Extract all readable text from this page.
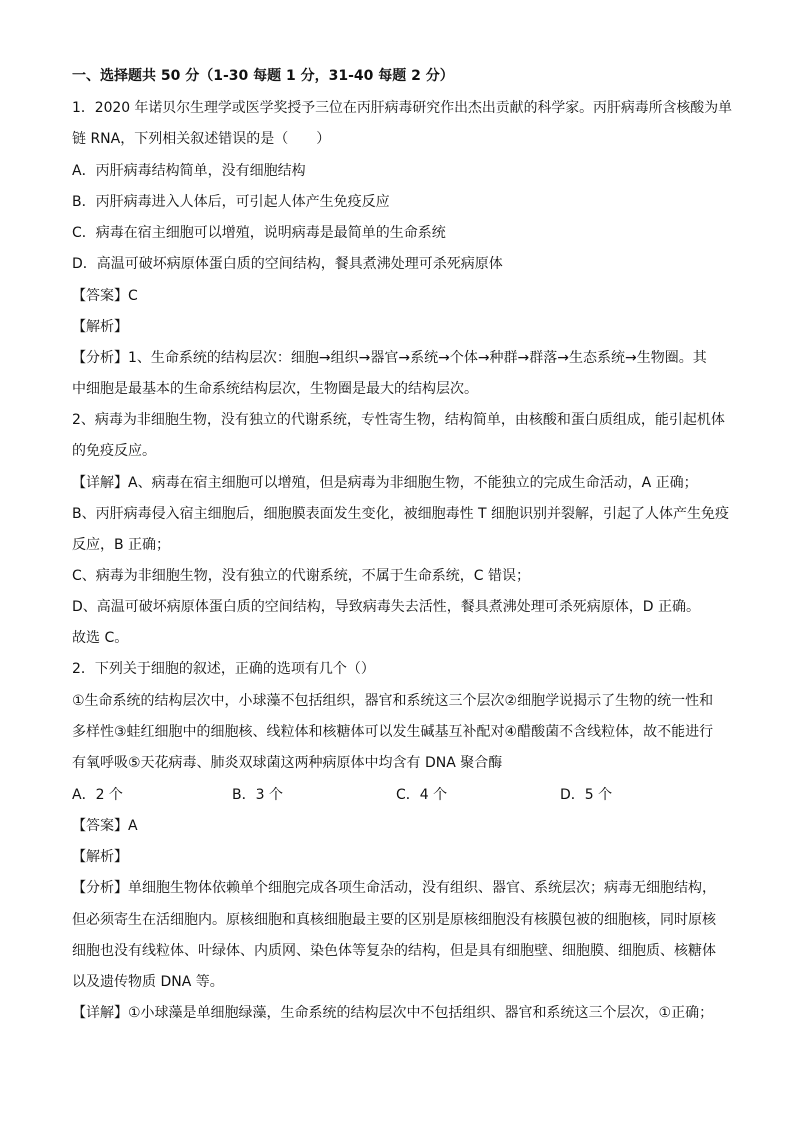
一、选择题共 50 分（1-30 每题 1 分，31-40 每题 2 分）
1．2020 年诺贝尔生理学或医学奖授予三位在丙肝病毒研究作出杰出贡献的科学家。丙肝病毒所含核酸为单
链 RNA，下列相关叙述错误的是（　　）
A．丙肝病毒结构简单，没有细胞结构
B．丙肝病毒进入人体后，可引起人体产生免疫反应
C．病毒在宿主细胞可以增殖，说明病毒是最简单的生命系统
D．高温可破坏病原体蛋白质的空间结构，餐具煮沸处理可杀死病原体
【答案】C
【解析】
【分析】1、生命系统的结构层次：细胞→组织→器官→系统→个体→种群→群落→生态系统→生物圈。其
中细胞是最基本的生命系统结构层次，生物圈是最大的结构层次。
2、病毒为非细胞生物，没有独立的代谢系统，专性寄生物，结构简单，由核酸和蛋白质组成，能引起机体
的免疫反应。
【详解】A、病毒在宿主细胞可以增殖，但是病毒为非细胞生物，不能独立的完成生命活动，A 正确；
B、丙肝病毒侵入宿主细胞后，细胞膜表面发生变化，被细胞毒性 T 细胞识别并裂解，引起了人体产生免疫
反应，B 正确；
C、病毒为非细胞生物，没有独立的代谢系统，不属于生命系统，C 错误；
D、高温可破坏病原体蛋白质的空间结构，导致病毒失去活性，餐具煮沸处理可杀死病原体，D 正确。
故选 C。
2．下列关于细胞的叙述，正确的选项有几个（）
①生命系统的结构层次中，小球藻不包括组织，器官和系统这三个层次②细胞学说揭示了生物的统一性和
多样性③蛙红细胞中的细胞核、线粒体和核糖体可以发生碱基互补配对④醋酸菌不含线粒体，故不能进行
有氧呼吸⑤天花病毒、肺炎双球菌这两种病原体中均含有 DNA 聚合酶
A．2 个	B．3 个	C．4 个	D．5 个
【答案】A
【解析】
【分析】单细胞生物体依赖单个细胞完成各项生命活动，没有组织、器官、系统层次；病毒无细胞结构，
但必须寄生在活细胞内。原核细胞和真核细胞最主要的区别是原核细胞没有核膜包被的细胞核，同时原核
细胞也没有线粒体、叶绿体、内质网、染色体等复杂的结构，但是具有细胞壁、细胞膜、细胞质、核糖体
以及遗传物质 DNA 等。
【详解】①小球藻是单细胞绿藻，生命系统的结构层次中不包括组织、器官和系统这三个层次，①正确；
